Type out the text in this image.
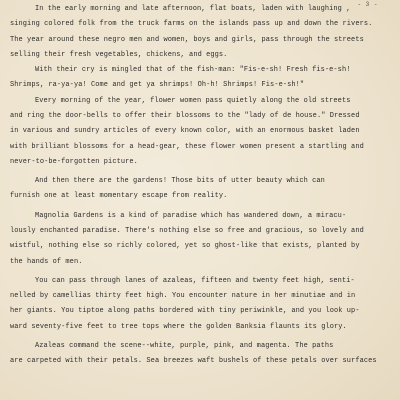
- 3 -
In the early morning and late afternoon, flat boats, laden with laughing ,
singing colored folk from the truck farms on the islands pass up and down the rivers.
The year around these negro men and women, boys and girls, pass through the streets
selling their fresh vegetables, chickens, and eggs.
With their cry is mingled that of the fish-man: "Fis-e-sh! Fresh fis-e-sh!
Shrimps, ra-ya-ya! Come and get ya shrimps! Oh-h! Shrimps! Fis-e-sh!"
Every morning of the year, flower women pass quietly along the old streets
and ring the door-bells to offer their blossoms to the "lady of de house." Dressed
in various and sundry articles of every known color, with an enormous basket laden
with brilliant blossoms for a head-gear, these flower women present a startling and
never-to-be-forgotten picture.
And then there are the gardens! Those bits of utter beauty which can
furnish one at least momentary escape from reality.
Magnolia Gardens is a kind of paradise which has wandered down, a miracu-
lously enchanted paradise. There's nothing else so free and gracious, so lovely and
wistful, nothing else so richly colored, yet so ghost-like that exists, planted by
the hands of men.
You can pass through lanes of azaleas, fifteen and twenty feet high, senti-
nelled by camellias thirty feet high. You encounter nature in her minutiae and in
her giants. You tiptoe along paths bordered with tiny periwinkle, and you look up-
ward seventy-five feet to tree tops where the golden Banksia flaunts its glory.
Azaleas command the scene--white, purple, pink, and magenta. The paths
are carpeted with their petals. Sea breezes waft bushels of these petals over surfaces
